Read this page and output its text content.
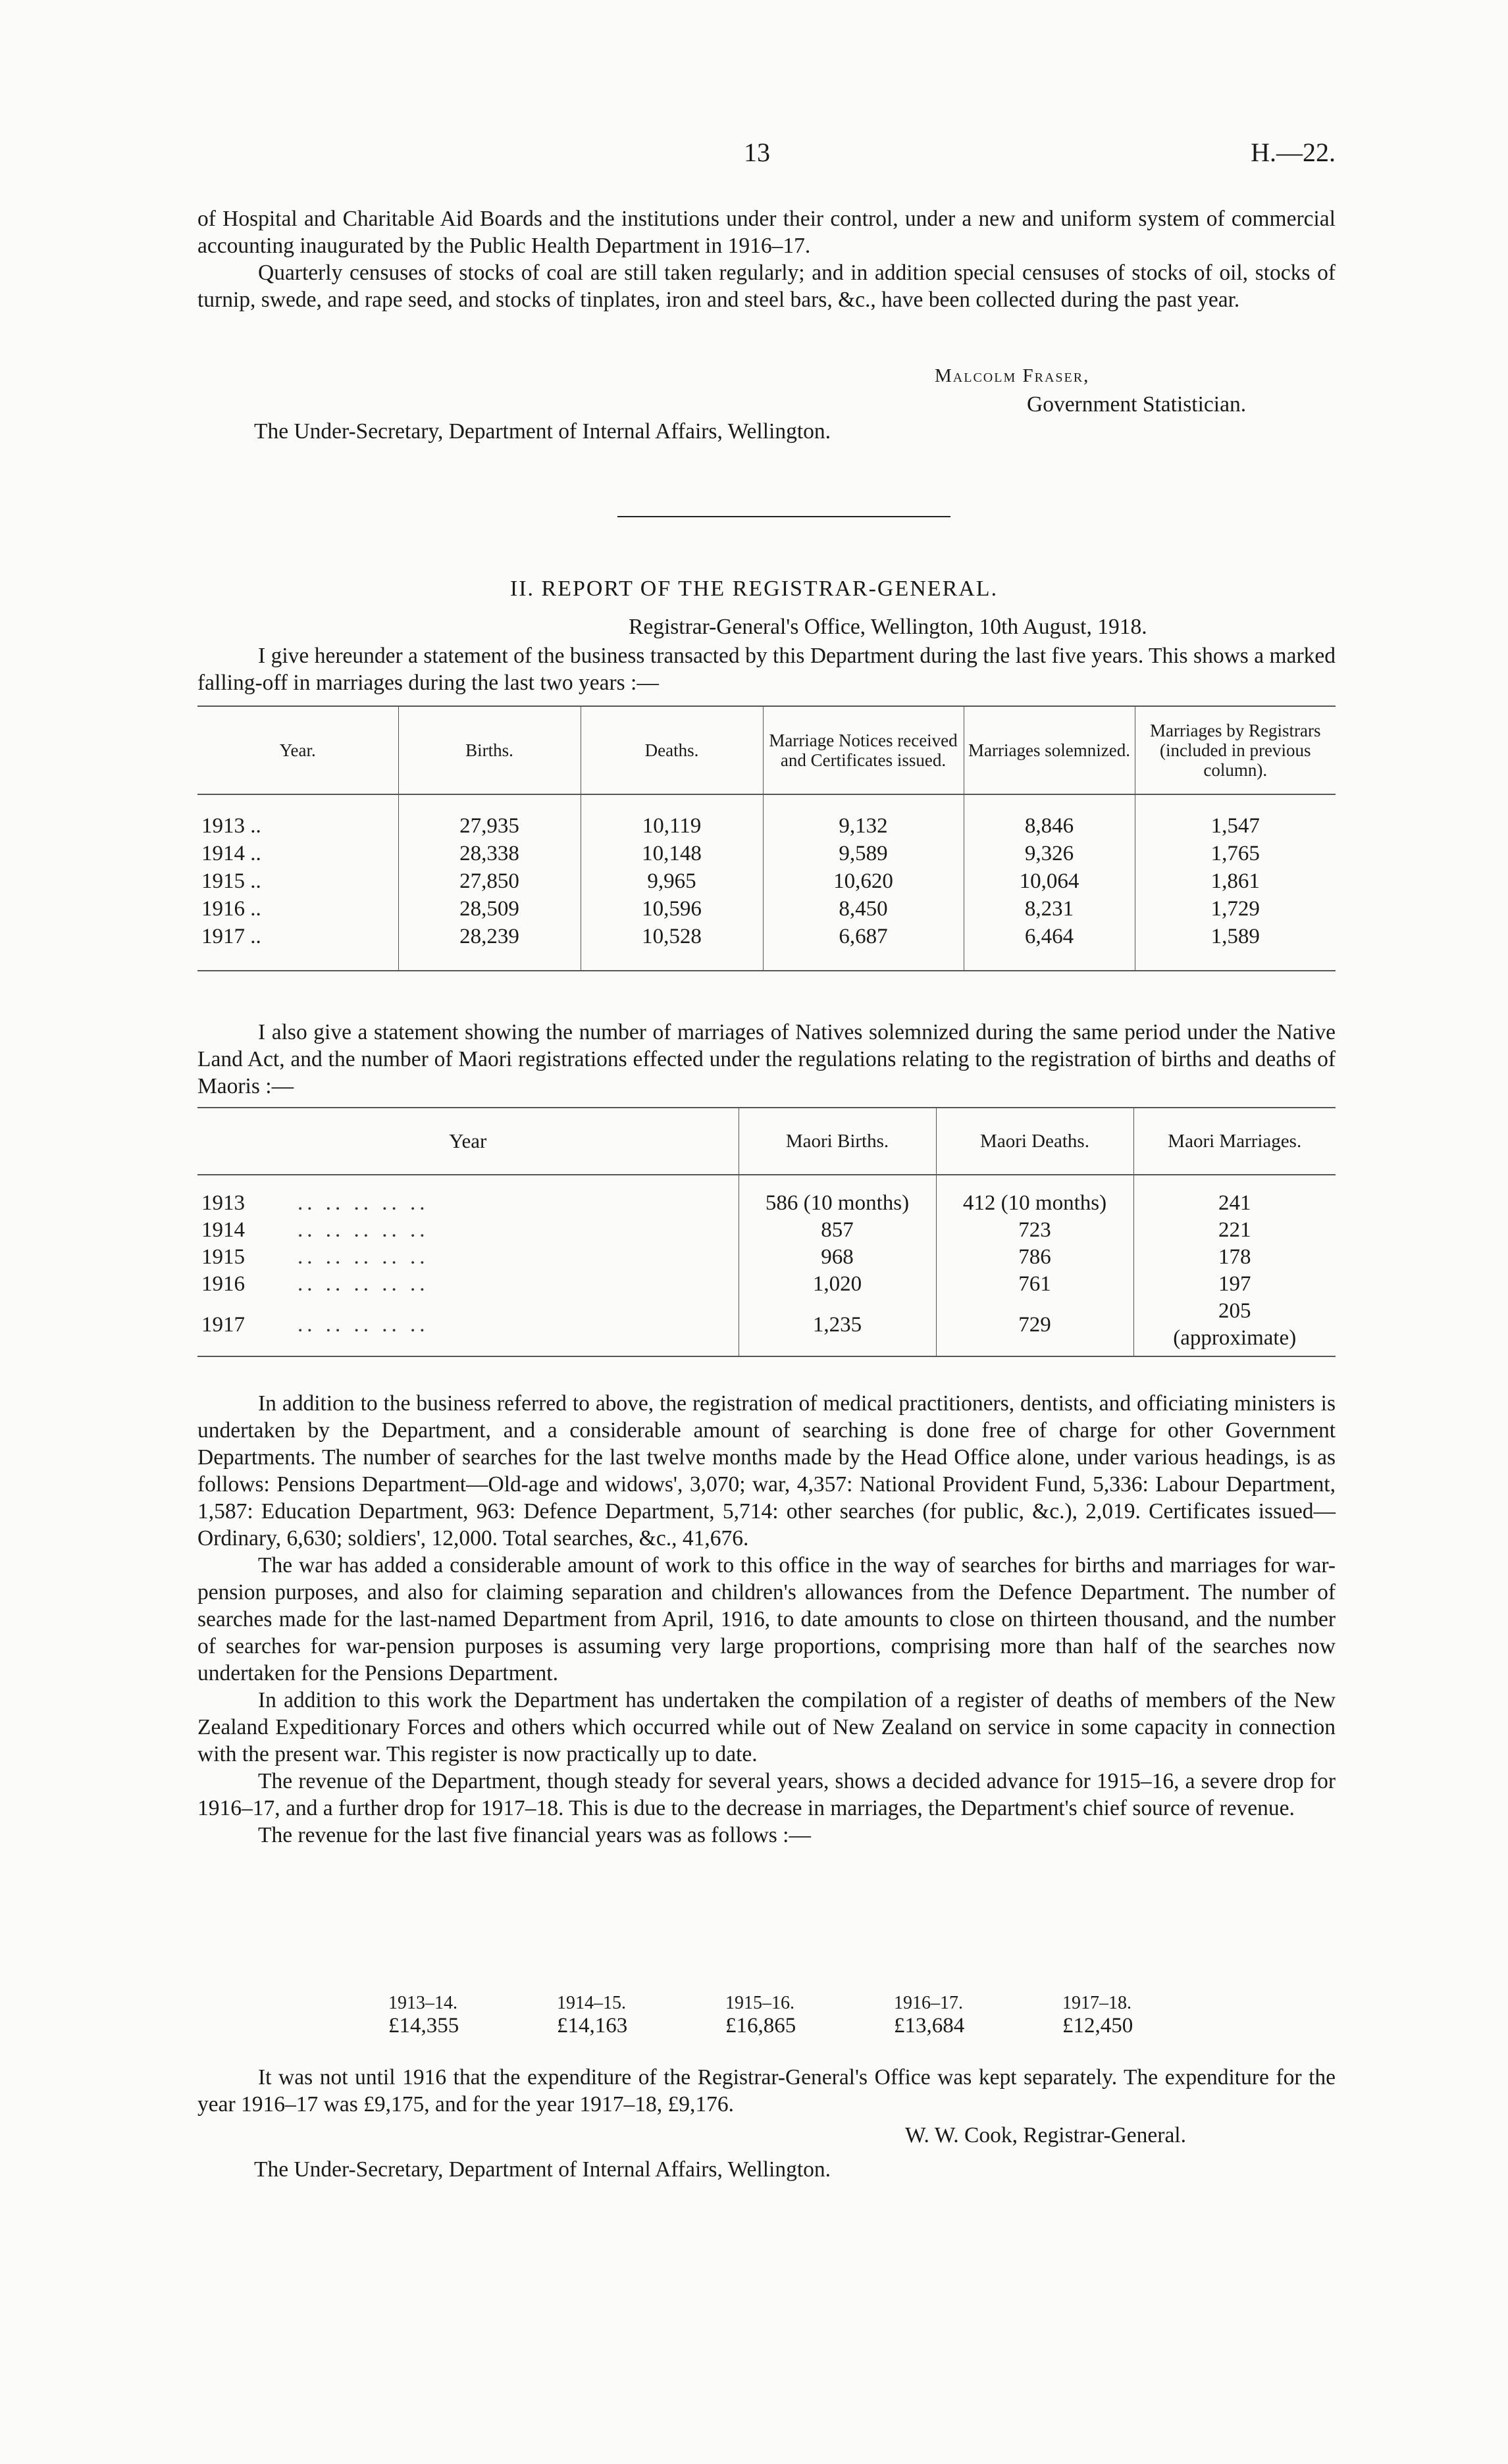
13	H.—22.

of Hospital and Charitable Aid Boards and the institutions under their control, under a new and uniform system of commercial accounting inaugurated by the Public Health Department in 1916–17.

Quarterly censuses of stocks of coal are still taken regularly; and in addition special censuses of stocks of oil, stocks of turnip, swede, and rape seed, and stocks of tinplates, iron and steel bars, &c., have been collected during the past year.

Malcolm Fraser,
Government Statistician.
The Under-Secretary, Department of Internal Affairs, Wellington.
II. REPORT OF THE REGISTRAR-GENERAL.
Registrar-General's Office, Wellington, 10th August, 1918.

I give hereunder a statement of the business transacted by this Department during the last five years. This shows a marked falling-off in marriages during the last two years :—

Year.	Births.	Deaths.	Marriage Notices received and Certificates issued.	Marriages solemnized.	Marriages by Registrars (included in previous column).
1913 ..	27,935	10,119	9,132	8,846	1,547
1914 ..	28,338	10,148	9,589	9,326	1,765
1915 ..	27,850	9,965	10,620	10,064	1,861
1916 ..	28,509	10,596	8,450	8,231	1,729
1917 ..	28,239	10,528	6,687	6,464	1,589

I also give a statement showing the number of marriages of Natives solemnized during the same period under the Native Land Act, and the number of Maori registrations effected under the regulations relating to the registration of births and deaths of Maoris :—

Year	Maori Births.	Maori Deaths.	Maori Marriages.
1913 .. .. .. .. ..	586 (10 months)	412 (10 months)	241
1914 .. .. .. .. ..	857	723	221
1915 .. .. .. .. ..	968	786	178
1916 .. .. .. .. ..	1,020	761	197
1917 .. .. .. .. ..	1,235	729	205
(approximate)

In addition to the business referred to above, the registration of medical practitioners, dentists, and officiating ministers is undertaken by the Department, and a considerable amount of searching is done free of charge for other Government Departments. The number of searches for the last twelve months made by the Head Office alone, under various headings, is as follows: Pensions Department—Old-age and widows', 3,070; war, 4,357: National Provident Fund, 5,336: Labour Department, 1,587: Education Department, 963: Defence Department, 5,714: other searches (for public, &c.), 2,019. Certificates issued—Ordinary, 6,630; soldiers', 12,000. Total searches, &c., 41,676.

The war has added a considerable amount of work to this office in the way of searches for births and marriages for war-pension purposes, and also for claiming separation and children's allowances from the Defence Department. The number of searches made for the last-named Department from April, 1916, to date amounts to close on thirteen thousand, and the number of searches for war-pension purposes is assuming very large proportions, comprising more than half of the searches now undertaken for the Pensions Department.

In addition to this work the Department has undertaken the compilation of a register of deaths of members of the New Zealand Expeditionary Forces and others which occurred while out of New Zealand on service in some capacity in connection with the present war. This register is now practically up to date.

The revenue of the Department, though steady for several years, shows a decided advance for 1915–16, a severe drop for 1916–17, and a further drop for 1917–18. This is due to the decrease in marriages, the Department's chief source of revenue.

The revenue for the last five financial years was as follows :—

1913–14.	1914–15.	1915–16.	1916–17.	1917–18.
£14,355	£14,163	£16,865	£13,684	£12,450

It was not until 1916 that the expenditure of the Registrar-General's Office was kept separately. The expenditure for the year 1916–17 was £9,175, and for the year 1917–18, £9,176.

W. W. Cook, Registrar-General.
The Under-Secretary, Department of Internal Affairs, Wellington.
